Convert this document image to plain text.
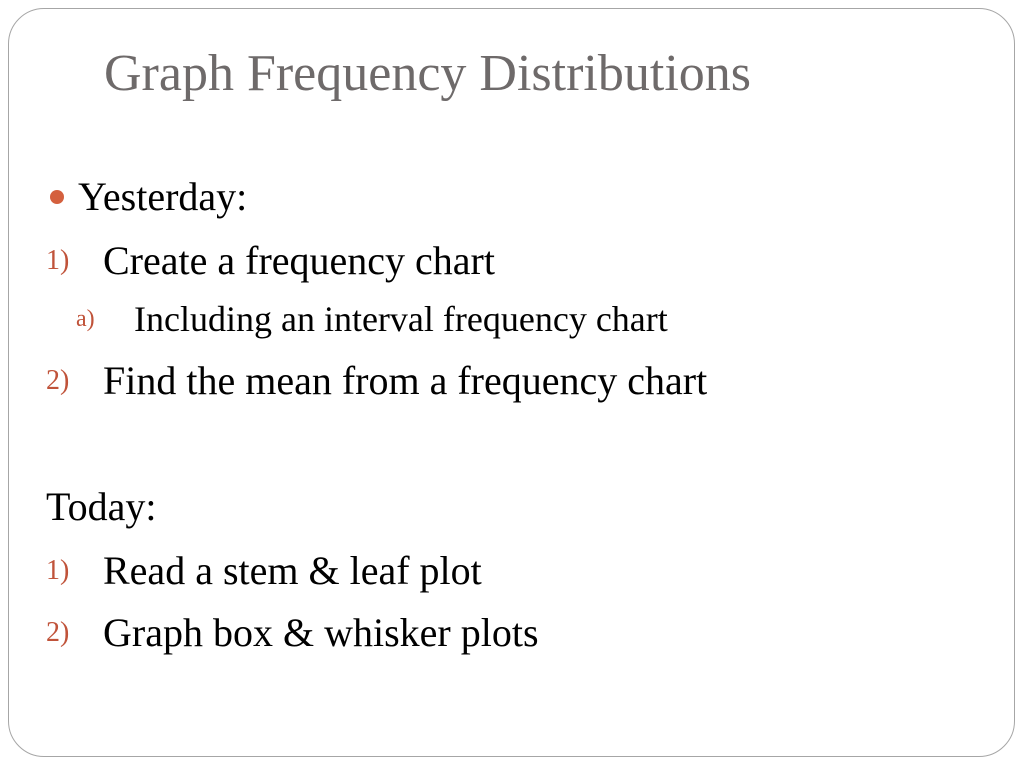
Graph Frequency Distributions
Yesterday:
1) Create a frequency chart
a) Including an interval frequency chart
2) Find the mean from a frequency chart
Today:
1) Read a stem & leaf plot
2) Graph box & whisker plots
